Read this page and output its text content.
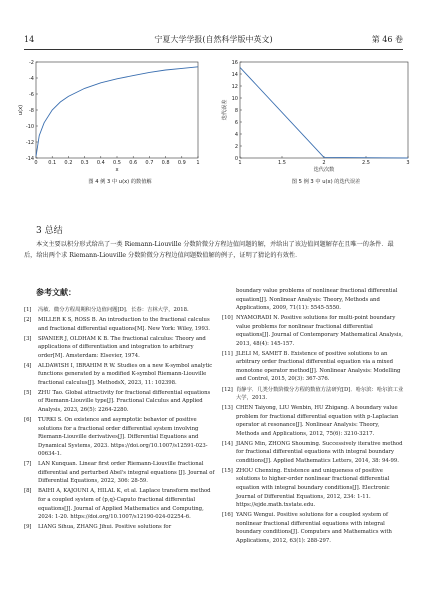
14	宁夏大学学报(自然科学版中英文)	第 46 卷
0 0.1 0.2 0.3 0.4 0.5 0.6 0.7 0.8 0.9 1
-2
-4
-6
-8
-10
-12
-14
x
u(x)
图 4 例 3 中 u(x) 的数值解
1	1.5	2	2.5	3
0
2
4
6
8
10
12
14
16
迭代次数
迭代误差
图 5 例 3 中 u(x) 的迭代误差
3 总结
本文主要以积分形式给出了一类 Riemann-Liouville 分数阶微分方程边值问题的解，并给出了该边值问题解存在且唯一的条件．最后，给出两个求 Riemann-Liouville 分数阶微分方程边值问题数值解的例子，证明了猜论的有效性．
参考文献：
[1] 冯敏．微分方程周期积分边值问题[D]．长春：吉林大学，2018.
[2] MILLER K S, ROSS B. An introduction to the fractional calculus and fractional differential equations[M]. New York: Wiley, 1993.
[3] SPANIER J, OLDHAM K B. The fractional calculus: Theory and applications of differentiation and integration to arbitrary order[M]. Amsterdam: Elsevier, 1974.
[4] ALDAWISH I, IBRAHIM R W. Studies on a new K-symbol analytic functions generated by a modified K-symbol Riemann-Liouville fractional calculus[J]. MethodsX, 2023, 11: 102398.
[5] ZHU Tao. Global attractivity for fractional differential equations of Riemann-Liouville type[J]. Fractional Calculus and Applied Analysis, 2023, 26(5): 2264-2280.
[6] TURKI S. On existence and asymptotic behavior of positive solutions for a fractional order differential system involving Riemann-Liouville derivatives[J]. Differential Equations and Dynamical Systems, 2023. https://doi.org/10.1007/s12591-023-00634-1.
[7] LAN Kunquan. Linear first order Riemann-Liouville fractional differential and perturbed Abel's integral equations [J]. Journal of Differential Equations, 2022, 306: 28-59.
[8] BAIHI A, KAJOUNI A, HILAL K, et al. Laplace transform method for a coupled system of (p,q)-Caputo fractional differential equations[J]. Journal of Applied Mathematics and Computing, 2024: 1-20. https://doi.org/10.1007/s12190-024-02254-6.
[9] LIANG Sihua, ZHANG Jihui. Positive solutions for
boundary value problems of nonlinear fractional differential equation[J]. Nonlinear Analysis: Theory, Methods and Applications, 2009, 71(11): 5545-5550.
[10] NYAMORADI N. Positive solutions for multi-point boundary value problems for nonlinear fractional differential equations[J]. Journal of Contemporary Mathematical Analysis, 2013, 48(4): 145-157.
[11] JLELI M, SAMET B. Existence of positive solutions to an arbitrary order fractional differential equation via a mixed monotone operator method[J]. Nonlinear Analysis: Modelling and Control, 2015, 20(3): 367-376.
[12] 肖静宇．几类分数阶微分方程的数值方法研究[D]．哈尔滨：哈尔滨工业大学，2013.
[13] CHEN Taiyong, LIU Wenbin, HU Zhigang. A boundary value problem for fractional differential equation with p-Laplacian operator at resonance[J]. Nonlinear Analysis: Theory, Methods and Applications, 2012, 75(6): 3210-3217.
[14] JIANG Min, ZHONG Shouming. Successively iterative method for fractional differential equations with integral boundary conditions[J]. Applied Mathematics Letters, 2014, 38: 94-99.
[15] ZHOU Chenxing. Existence and uniqueness of positive solutions to higher-order nonlinear fractional differential equation with integral boundary conditions[J]. Electronic Journal of Differential Equations, 2012, 234: 1-11. https://ejde.math.txstate.edu.
[16] YANG Wengui. Positive solutions for a coupled system of nonlinear fractional differential equations with integral boundary conditions[J]. Computers and Mathematics with Applications, 2012, 63(1): 288-297.
